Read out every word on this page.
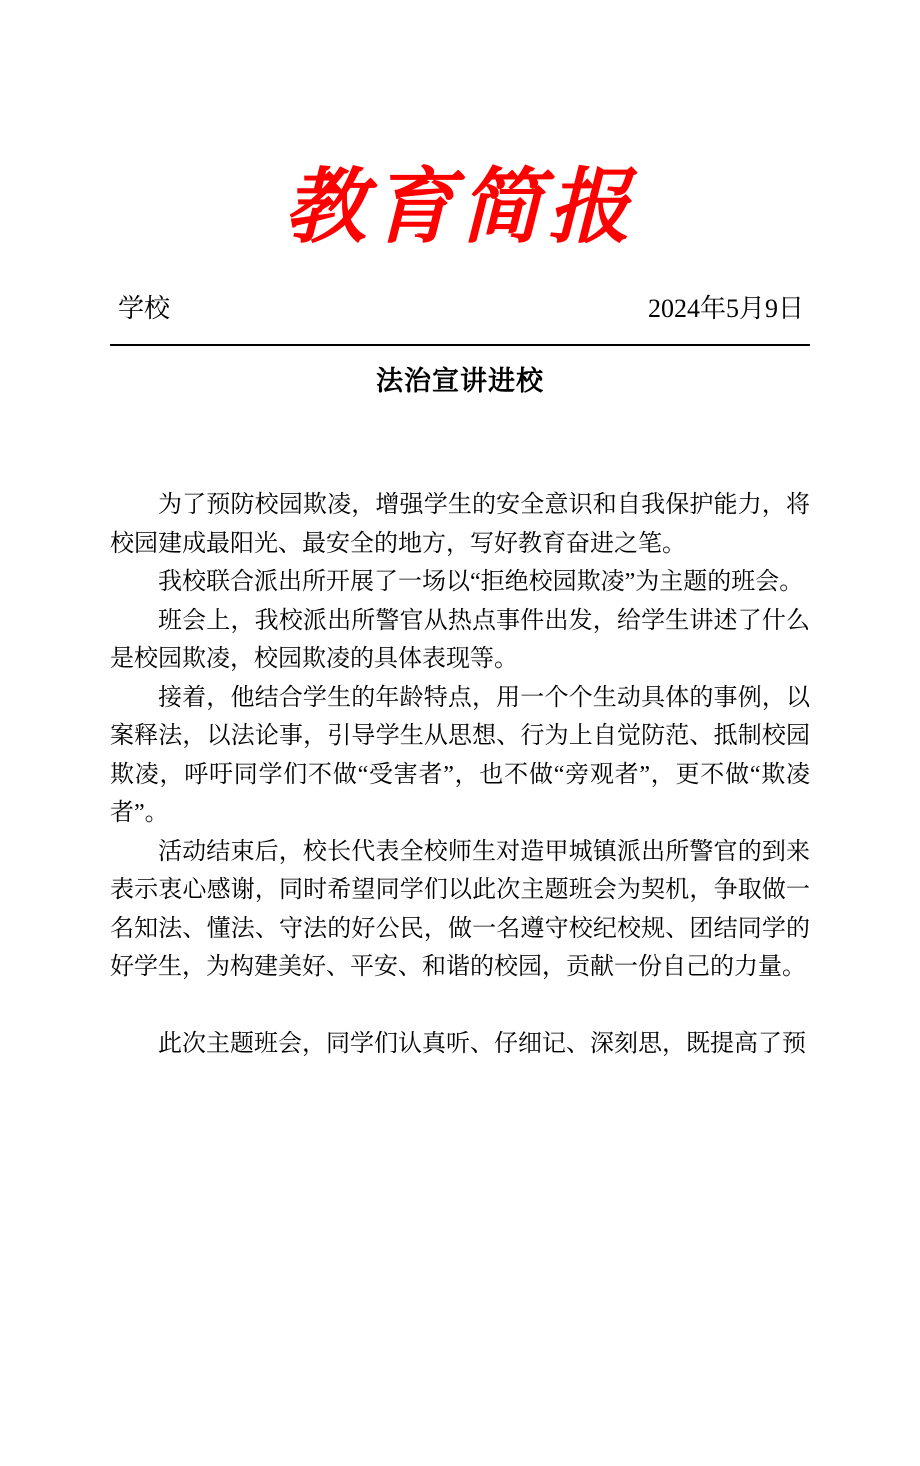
教育简报
学校	2024年5月9日
法治宣讲进校

为了预防校园欺凌，增强学生的安全意识和自我保护能力，将校园建成最阳光、最安全的地方，写好教育奋进之笔。

我校联合派出所开展了一场以“拒绝校园欺凌”为主题的班会。

班会上，我校派出所警官从热点事件出发，给学生讲述了什么是校园欺凌，校园欺凌的具体表现等。

接着，他结合学生的年龄特点，用一个个生动具体的事例，以案释法，以法论事，引导学生从思想、行为上自觉防范、抵制校园欺凌，呼吁同学们不做“受害者”，也不做“旁观者”，更不做“欺凌者”。

活动结束后，校长代表全校师生对造甲城镇派出所警官的到来表示衷心感谢，同时希望同学们以此次主题班会为契机，争取做一名知法、懂法、守法的好公民，做一名遵守校纪校规、团结同学的好学生，为构建美好、平安、和谐的校园，贡献一份自己的力量。

此次主题班会，同学们认真听、仔细记、深刻思，既提高了预
